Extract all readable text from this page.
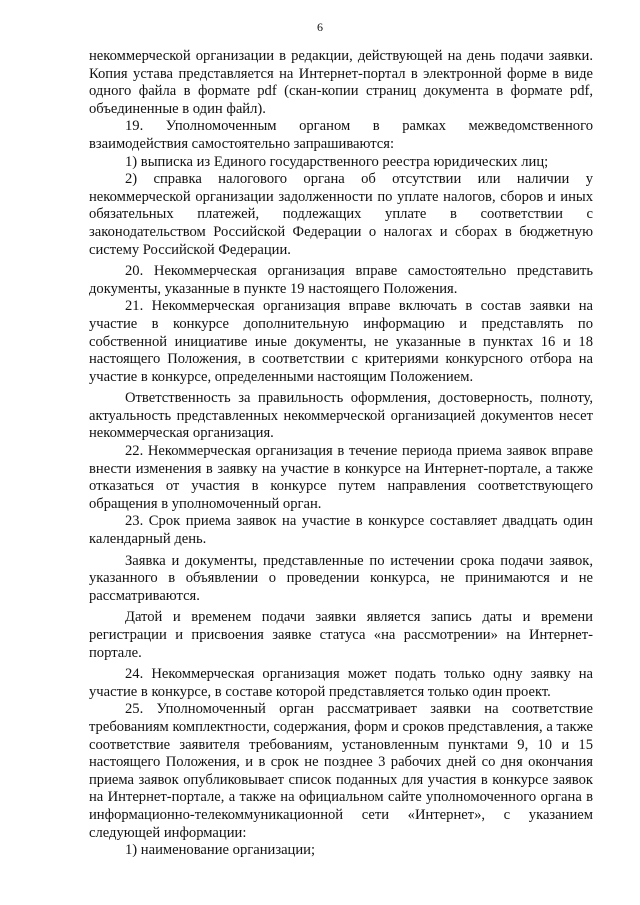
6

некоммерческой организации в редакции, действующей на день подачи заявки. Копия устава представляется на Интернет-портал в электронной форме в виде одного файла в формате pdf (скан-копии страниц документа в формате pdf, объединенные в один файл).

19. Уполномоченным органом в рамках межведомственного взаимодействия самостоятельно запрашиваются:

1) выписка из Единого государственного реестра юридических лиц;

2) справка налогового органа об отсутствии или наличии у некоммерческой организации задолженности по уплате налогов, сборов и иных обязательных платежей, подлежащих уплате в соответствии с законодательством Российской Федерации о налогах и сборах в бюджетную систему Российской Федерации.

20. Некоммерческая организация вправе самостоятельно представить документы, указанные в пункте 19 настоящего Положения.

21. Некоммерческая организация вправе включать в состав заявки на участие в конкурсе дополнительную информацию и представлять по собственной инициативе иные документы, не указанные в пунктах 16 и 18 настоящего Положения, в соответствии с критериями конкурсного отбора на участие в конкурсе, определенными настоящим Положением.

Ответственность за правильность оформления, достоверность, полноту, актуальность представленных некоммерческой организацией документов несет некоммерческая организация.

22. Некоммерческая организация в течение периода приема заявок вправе внести изменения в заявку на участие в конкурсе на Интернет-портале, а также отказаться от участия в конкурсе путем направления соответствующего обращения в уполномоченный орган.

23. Срок приема заявок на участие в конкурсе составляет двадцать один календарный день.

Заявка и документы, представленные по истечении срока подачи заявок, указанного в объявлении о проведении конкурса, не принимаются и не рассматриваются.

Датой и временем подачи заявки является запись даты и времени регистрации и присвоения заявке статуса «на рассмотрении» на Интернет-портале.

24. Некоммерческая организация может подать только одну заявку на участие в конкурсе, в составе которой представляется только один проект.

25. Уполномоченный орган рассматривает заявки на соответствие требованиям комплектности, содержания, форм и сроков представления, а также соответствие заявителя требованиям, установленным пунктами 9, 10 и 15 настоящего Положения, и в срок не позднее 3 рабочих дней со дня окончания приема заявок опубликовывает список поданных для участия в конкурсе заявок на Интернет-портале, а также на официальном сайте уполномоченного органа в информационно-телекоммуникационной сети «Интернет», с указанием следующей информации:

1) наименование организации;
